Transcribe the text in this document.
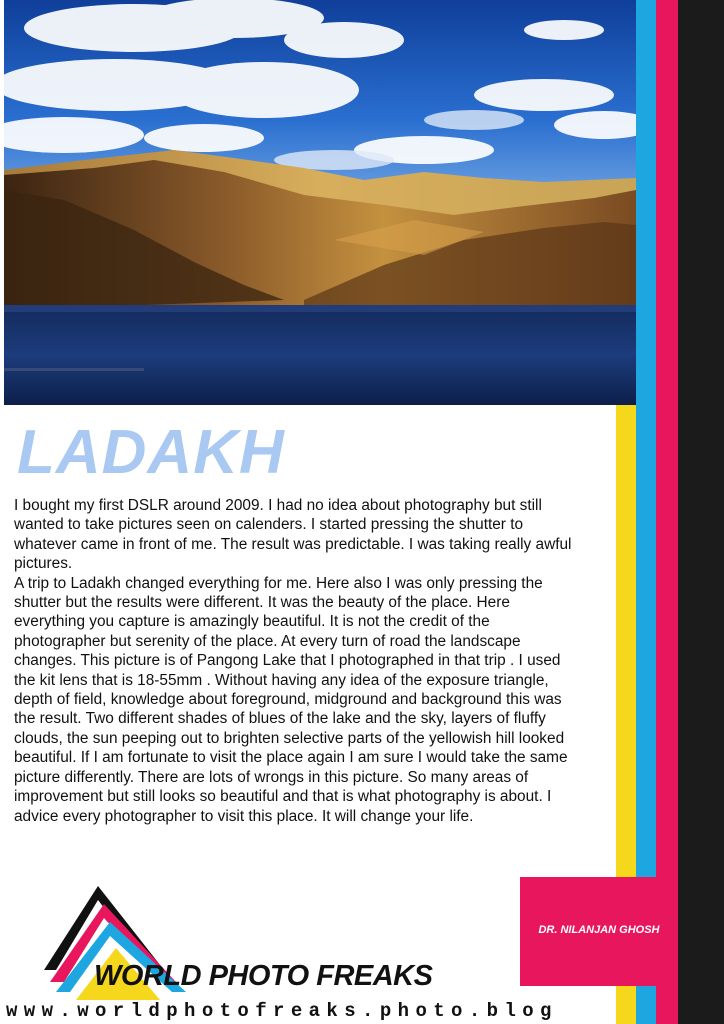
LADAKH

I bought my first DSLR around 2009. I had no idea about photography but still wanted to take pictures seen on calenders. I started pressing the shutter to whatever came in front of me. The result was predictable. I was taking really awful pictures.

A trip to Ladakh changed everything for me. Here also I was only pressing the shutter but the results were different. It was the beauty of the place. Here everything you capture is amazingly beautiful. It is not the credit of the photographer but serenity of the place. At every turn of road the landscape changes. This picture is of Pangong Lake that I photographed in that trip . I used the kit lens that is 18-55mm . Without having any idea of the exposure triangle, depth of field, knowledge about foreground, midground and background this was the result. Two different shades of blues of the lake and the sky, layers of fluffy clouds, the sun peeping out to brighten selective parts of the yellowish hill looked beautiful. If I am fortunate to visit the place again I am sure I would take the same picture differently. There are lots of wrongs in this picture. So many areas of improvement but still looks so beautiful and that is what photography is about. I advice every photographer to visit this place. It will change your life.

DR. NILANJAN GHOSH
WORLD PHOTO FREAKS
www.worldphotofreaks.photo.blog
